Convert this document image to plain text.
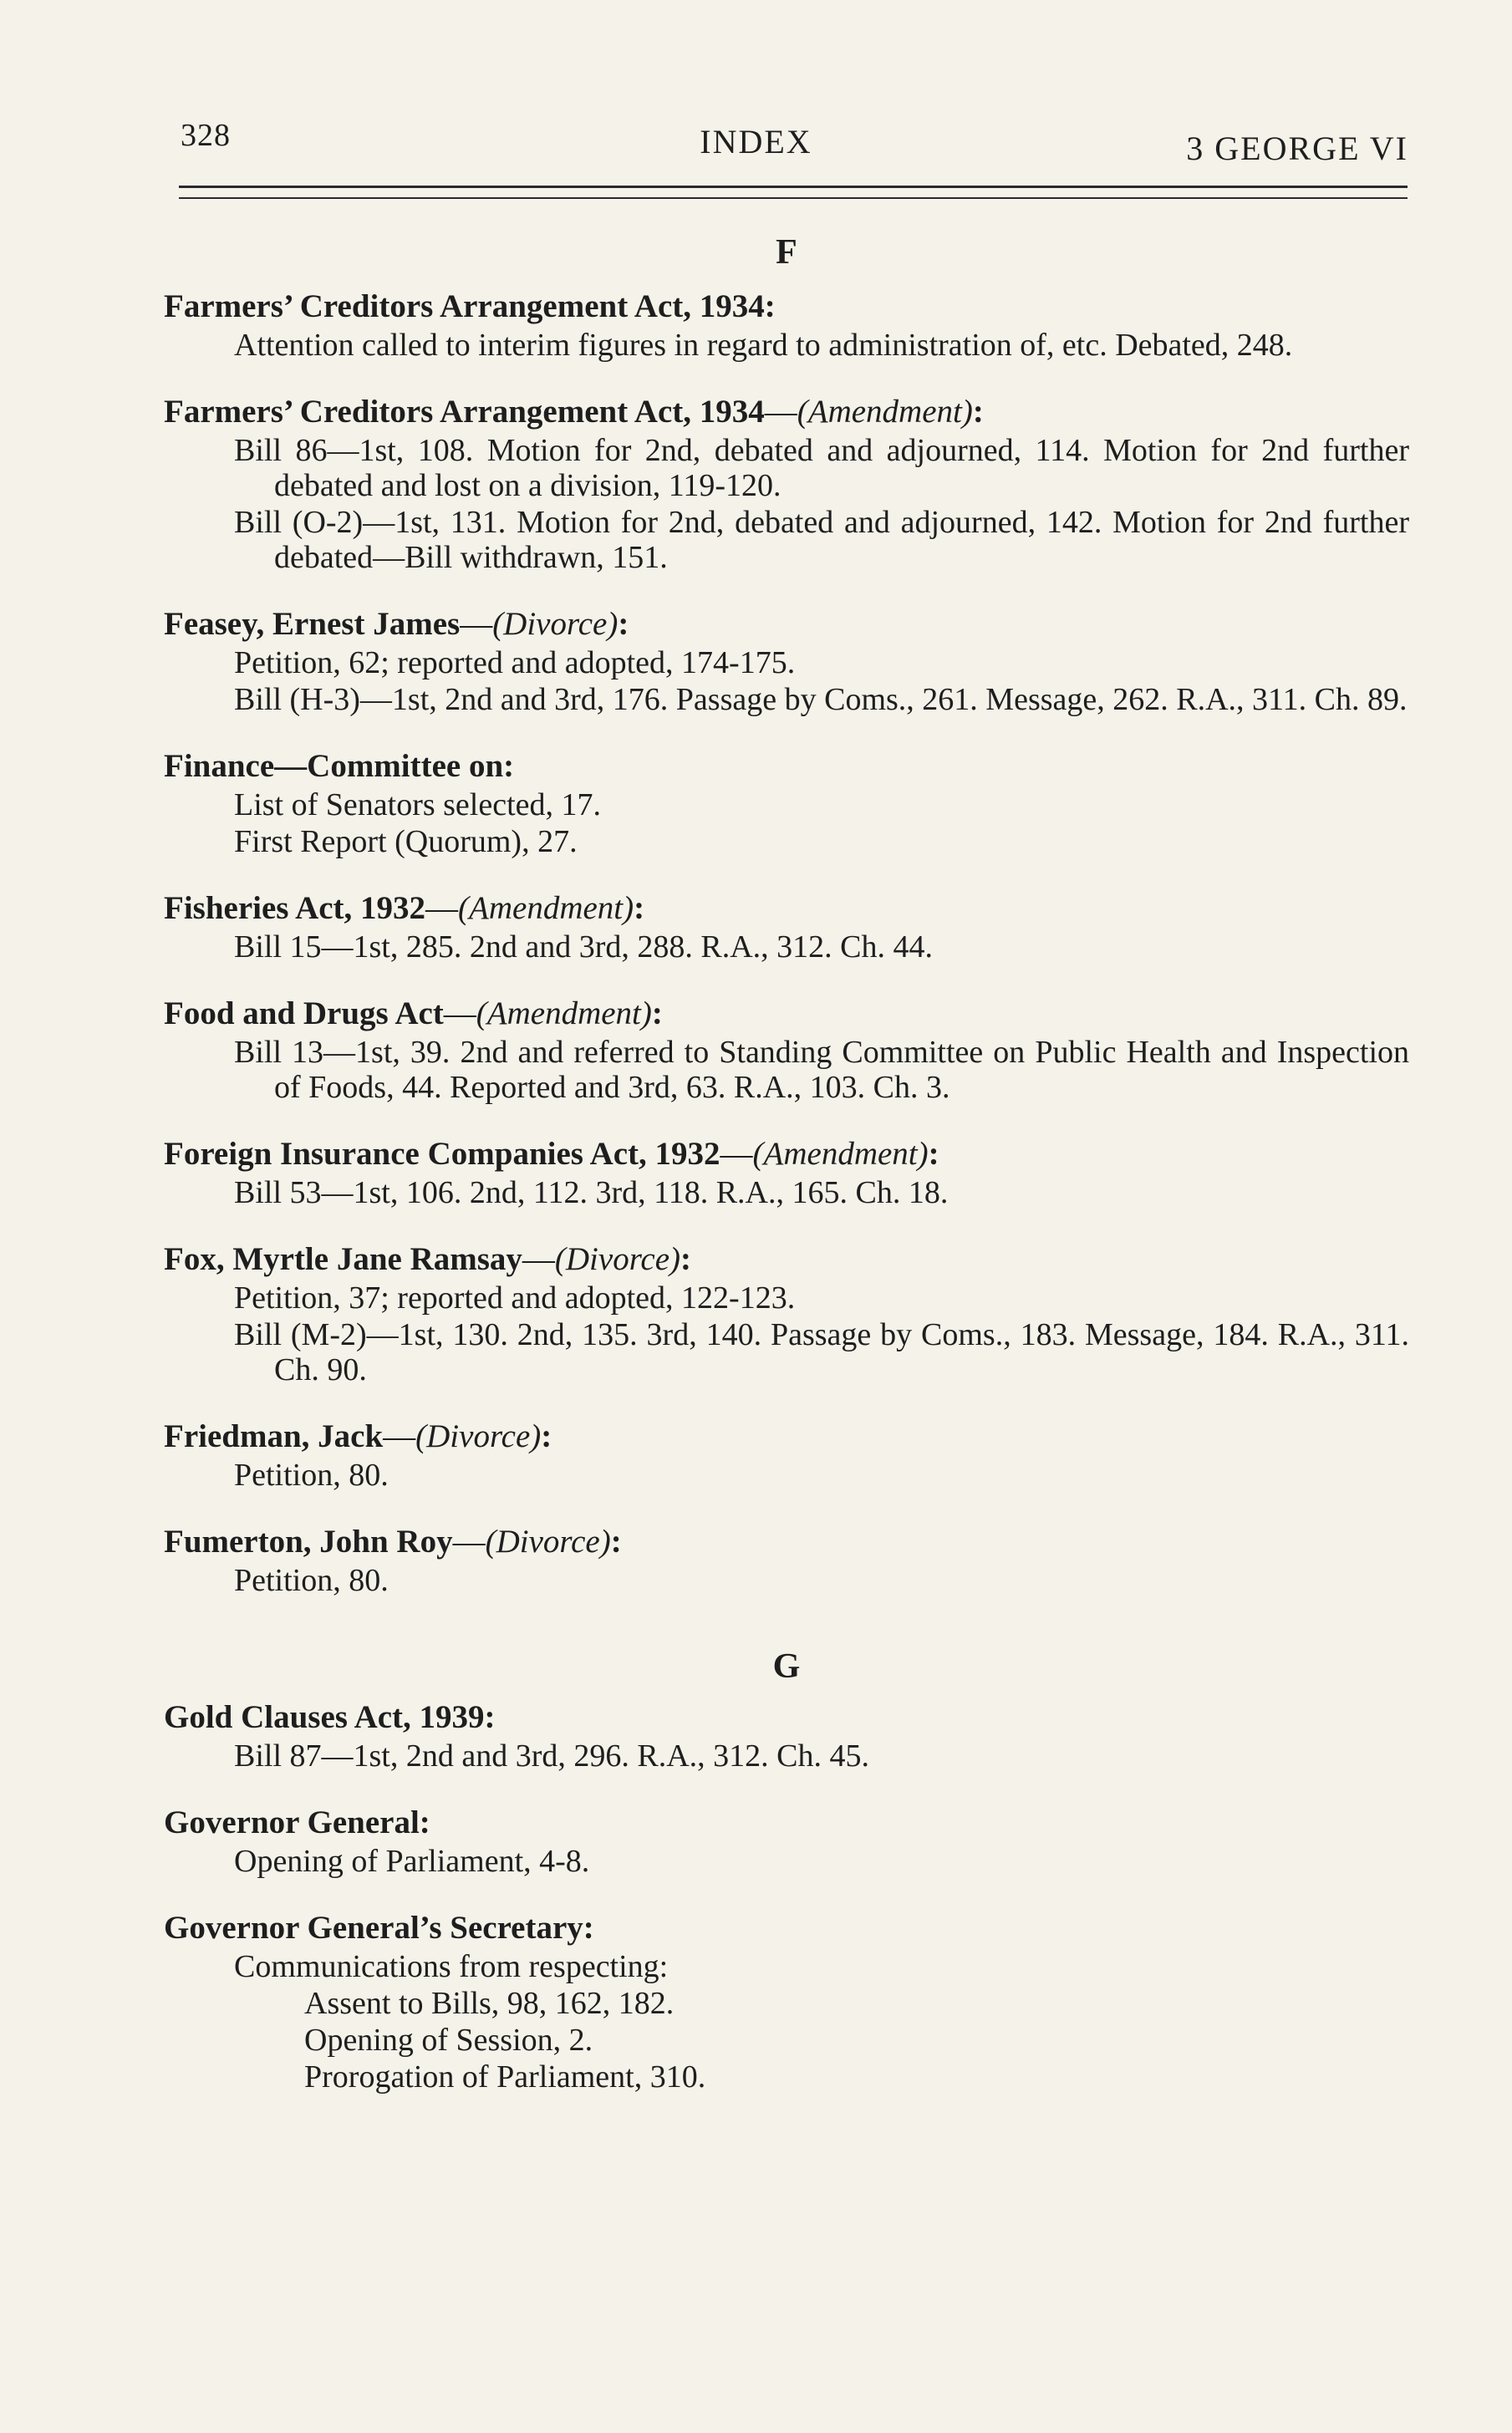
328	INDEX	3 GEORGE VI
F
Farmers’ Creditors Arrangement Act, 1934:
Attention called to interim figures in regard to administration of, etc. Debated, 248.
Farmers’ Creditors Arrangement Act, 1934—(Amendment):
Bill 86—1st, 108. Motion for 2nd, debated and adjourned, 114. Motion for 2nd further debated and lost on a division, 119-120.
Bill (O-2)—1st, 131. Motion for 2nd, debated and adjourned, 142. Motion for 2nd further debated—Bill withdrawn, 151.
Feasey, Ernest James—(Divorce):
Petition, 62; reported and adopted, 174-175.
Bill (H-3)—1st, 2nd and 3rd, 176. Passage by Coms., 261. Message, 262. R.A., 311. Ch. 89.
Finance—Committee on:
List of Senators selected, 17.
First Report (Quorum), 27.
Fisheries Act, 1932—(Amendment):
Bill 15—1st, 285. 2nd and 3rd, 288. R.A., 312. Ch. 44.
Food and Drugs Act—(Amendment):
Bill 13—1st, 39. 2nd and referred to Standing Committee on Public Health and Inspection of Foods, 44. Reported and 3rd, 63. R.A., 103. Ch. 3.
Foreign Insurance Companies Act, 1932—(Amendment):
Bill 53—1st, 106. 2nd, 112. 3rd, 118. R.A., 165. Ch. 18.
Fox, Myrtle Jane Ramsay—(Divorce):
Petition, 37; reported and adopted, 122-123.
Bill (M-2)—1st, 130. 2nd, 135. 3rd, 140. Passage by Coms., 183. Message, 184. R.A., 311. Ch. 90.
Friedman, Jack—(Divorce):
Petition, 80.
Fumerton, John Roy—(Divorce):
Petition, 80.
G
Gold Clauses Act, 1939:
Bill 87—1st, 2nd and 3rd, 296. R.A., 312. Ch. 45.
Governor General:
Opening of Parliament, 4-8.
Governor General’s Secretary:
Communications from respecting:
Assent to Bills, 98, 162, 182.
Opening of Session, 2.
Prorogation of Parliament, 310.
